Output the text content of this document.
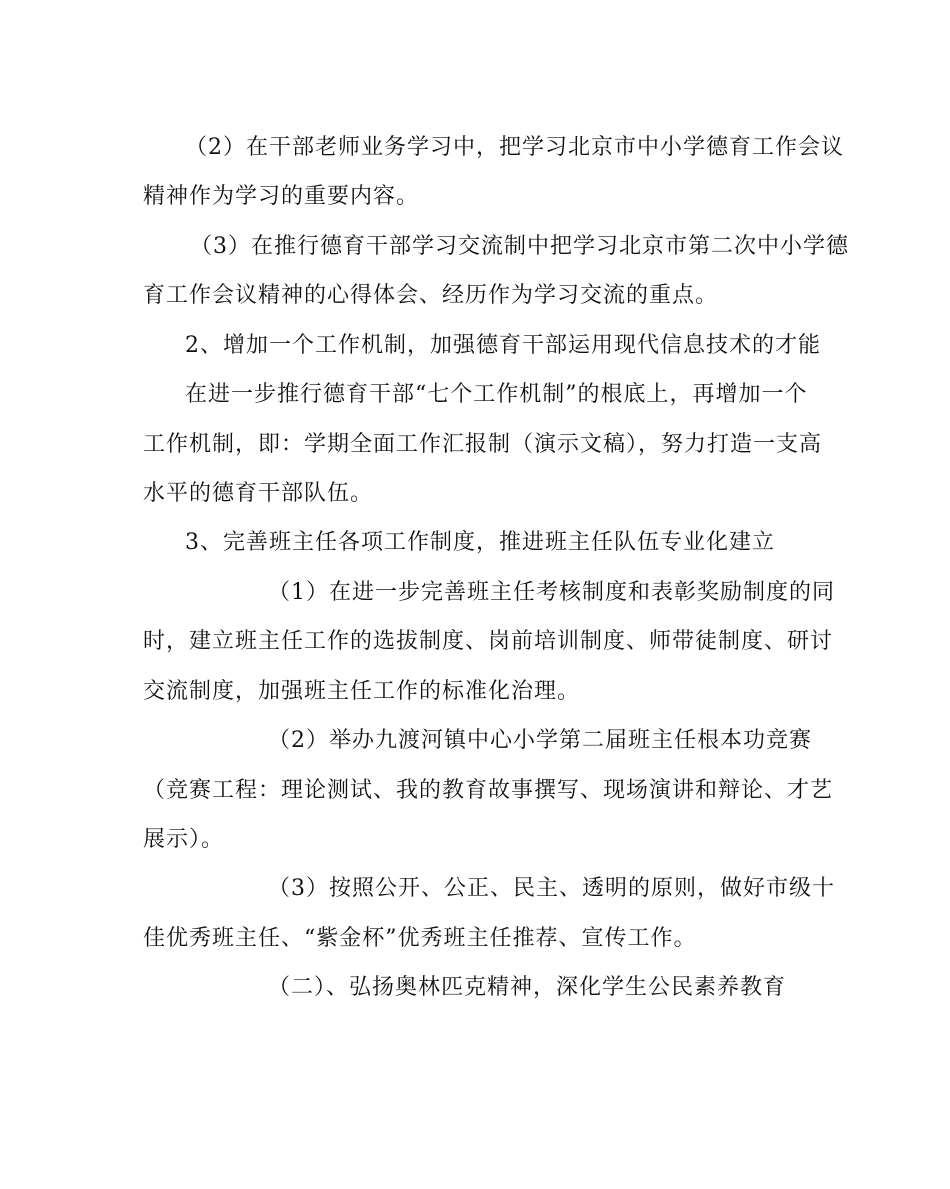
（2）在干部老师业务学习中，把学习北京市中小学德育工作会议
精神作为学习的重要内容。
（3）在推行德育干部学习交流制中把学习北京市第二次中小学德
育工作会议精神的心得体会、经历作为学习交流的重点。
2、增加一个工作机制，加强德育干部运用现代信息技术的才能
在进一步推行德育干部“七个工作机制”的根底上，再增加一个
工作机制，即：学期全面工作汇报制（演示文稿），努力打造一支高
水平的德育干部队伍。
3、完善班主任各项工作制度，推进班主任队伍专业化建立
（1）在进一步完善班主任考核制度和表彰奖励制度的同
时，建立班主任工作的选拔制度、岗前培训制度、师带徒制度、研讨
交流制度，加强班主任工作的标准化治理。
（2）举办九渡河镇中心小学第二届班主任根本功竞赛
（竞赛工程：理论测试、我的教育故事撰写、现场演讲和辩论、才艺
展示）。
（3）按照公开、公正、民主、透明的原则，做好市级十
佳优秀班主任、“紫金杯”优秀班主任推荐、宣传工作。
（二）、弘扬奥林匹克精神，深化学生公民素养教育
